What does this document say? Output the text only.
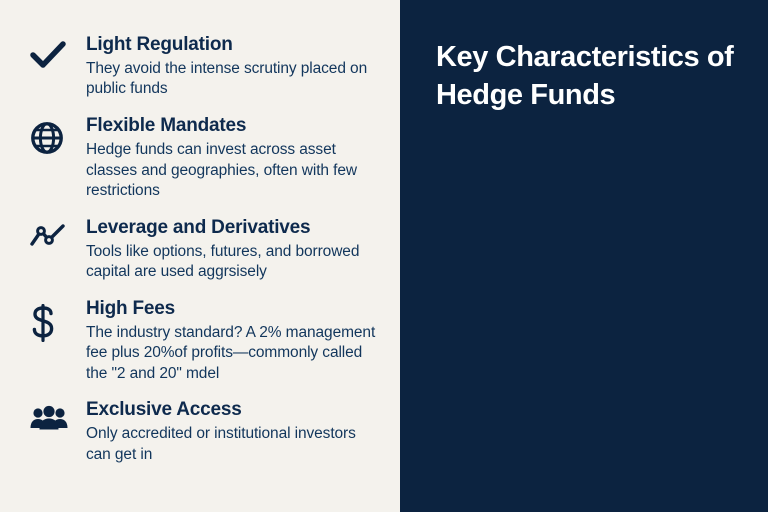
Light Regulation
They avoid the intense scrutiny placed on public funds
Flexible Mandates
Hedge funds can invest across asset classes and geographies, often with few restrictions
Leverage and Derivatives
Tools like options, futures, and borrowed capital are used aggrsisely
High Fees
The industry standard? A 2% management fee plus 20%of profits—commonly called the "2 and 20" mdel
Exclusive Access
Only accredited or institutional investors can get in
Key Characteristics of Hedge Funds
